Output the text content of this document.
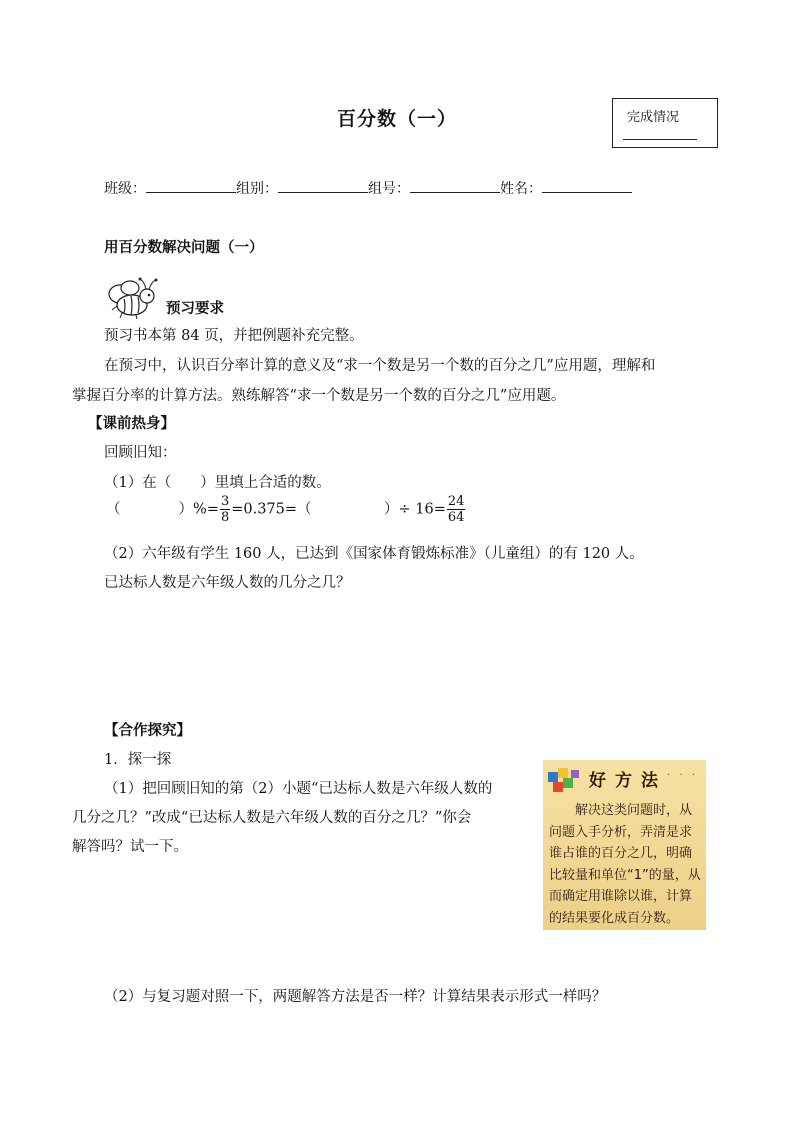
百分数（一）	完成情况
班级：	组别：	组号：	姓名：
用百分数解决问题（一）
预习要求
预习书本第 84 页，并把例题补充完整。
在预习中，认识百分率计算的意义及“求一个数是另一个数的百分之几”应用题，理解和
掌握百分率的计算方法。熟练解答“求一个数是另一个数的百分之几”应用题。
【课前热身】
回顾旧知：
（1）在（　　）里填上合适的数。
（　　　　）%= $\frac{3}{8} =0.375=$（　　　　　）÷ $16= \frac{24}{64}$
（2）六年级有学生 160 人，已达到《国家体育锻炼标准》（儿童组）的有 120 人。
已达标人数是六年级人数的几分之几？
【合作探究】
1．探一探
（1）把回顾旧知的第（2）小题“已达标人数是六年级人数的
几分之几？”改成“已达标人数是六年级人数的百分之几？”你会
解答吗？试一下。
（2）与复习题对照一下，两题解答方法是否一样？计算结果表示形式一样吗？
好方法 · · ·
解决这类问题时，从问题入手分析，弄清是求谁占谁的百分之几，明确比较量和单位“1”的量，从而确定用谁除以谁，计算的结果要化成百分数。
